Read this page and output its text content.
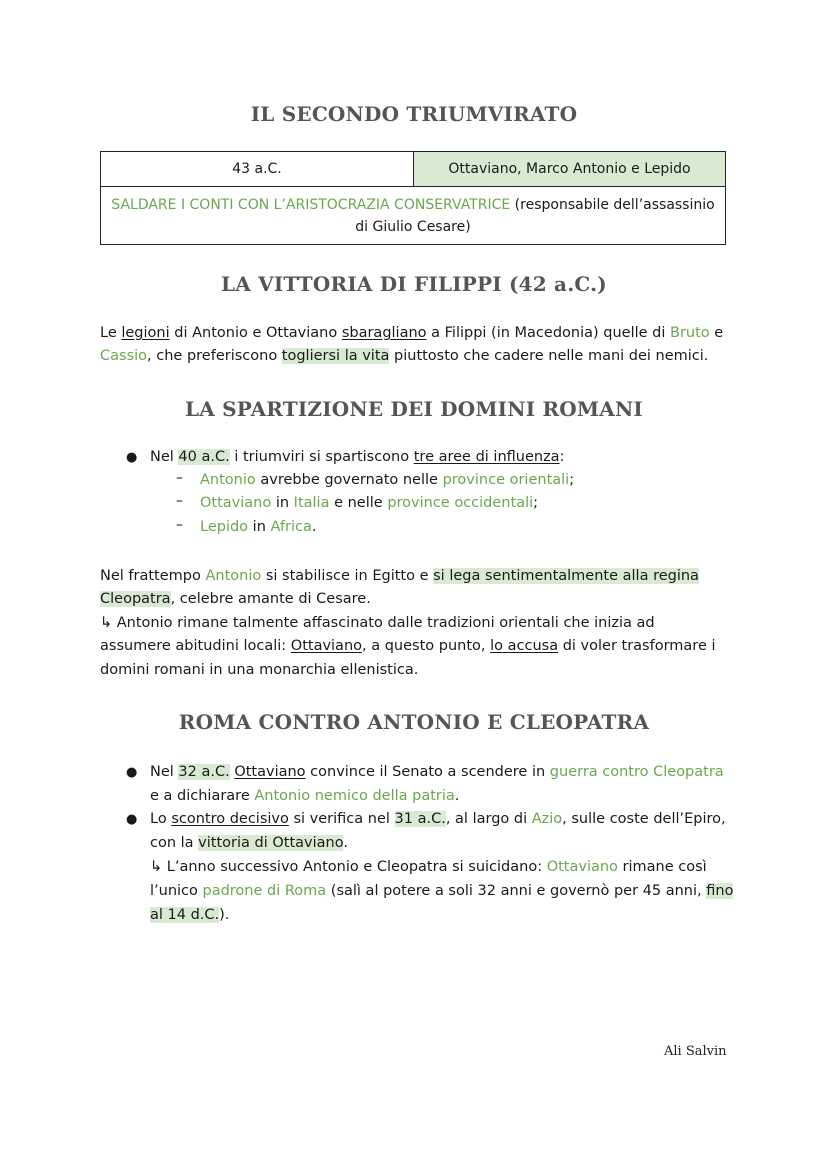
IL SECONDO TRIUMVIRATO
43 a.C.	Ottaviano, Marco Antonio e Lepido
SALDARE I CONTI CON L’ARISTOCRAZIA CONSERVATRICE (responsabile dell’assassinio
di Giulio Cesare)
LA VITTORIA DI FILIPPI (42 a.C.)
Le legioni di Antonio e Ottaviano sbaragliano a Filippi (in Macedonia) quelle di Bruto e
Cassio, che preferiscono togliersi la vita piuttosto che cadere nelle mani dei nemici.
LA SPARTIZIONE DEI DOMINI ROMANI
● Nel 40 a.C. i triumviri si spartiscono tre aree di influenza:
– Antonio avrebbe governato nelle province orientali;
– Ottaviano in Italia e nelle province occidentali;
– Lepido in Africa.
Nel frattempo Antonio si stabilisce in Egitto e si lega sentimentalmente alla regina
Cleopatra, celebre amante di Cesare.
↳ Antonio rimane talmente affascinato dalle tradizioni orientali che inizia ad
assumere abitudini locali: Ottaviano, a questo punto, lo accusa di voler trasformare i
domini romani in una monarchia ellenistica.
ROMA CONTRO ANTONIO E CLEOPATRA
● Nel 32 a.C. Ottaviano convince il Senato a scendere in guerra contro Cleopatra
e a dichiarare Antonio nemico della patria.
● Lo scontro decisivo si verifica nel 31 a.C., al largo di Azio, sulle coste dell’Epiro,
con la vittoria di Ottaviano.
↳ L’anno successivo Antonio e Cleopatra si suicidano: Ottaviano rimane così
l’unico padrone di Roma (salì al potere a soli 32 anni e governò per 45 anni, fino
al 14 d.C.).
Ali Salvin
